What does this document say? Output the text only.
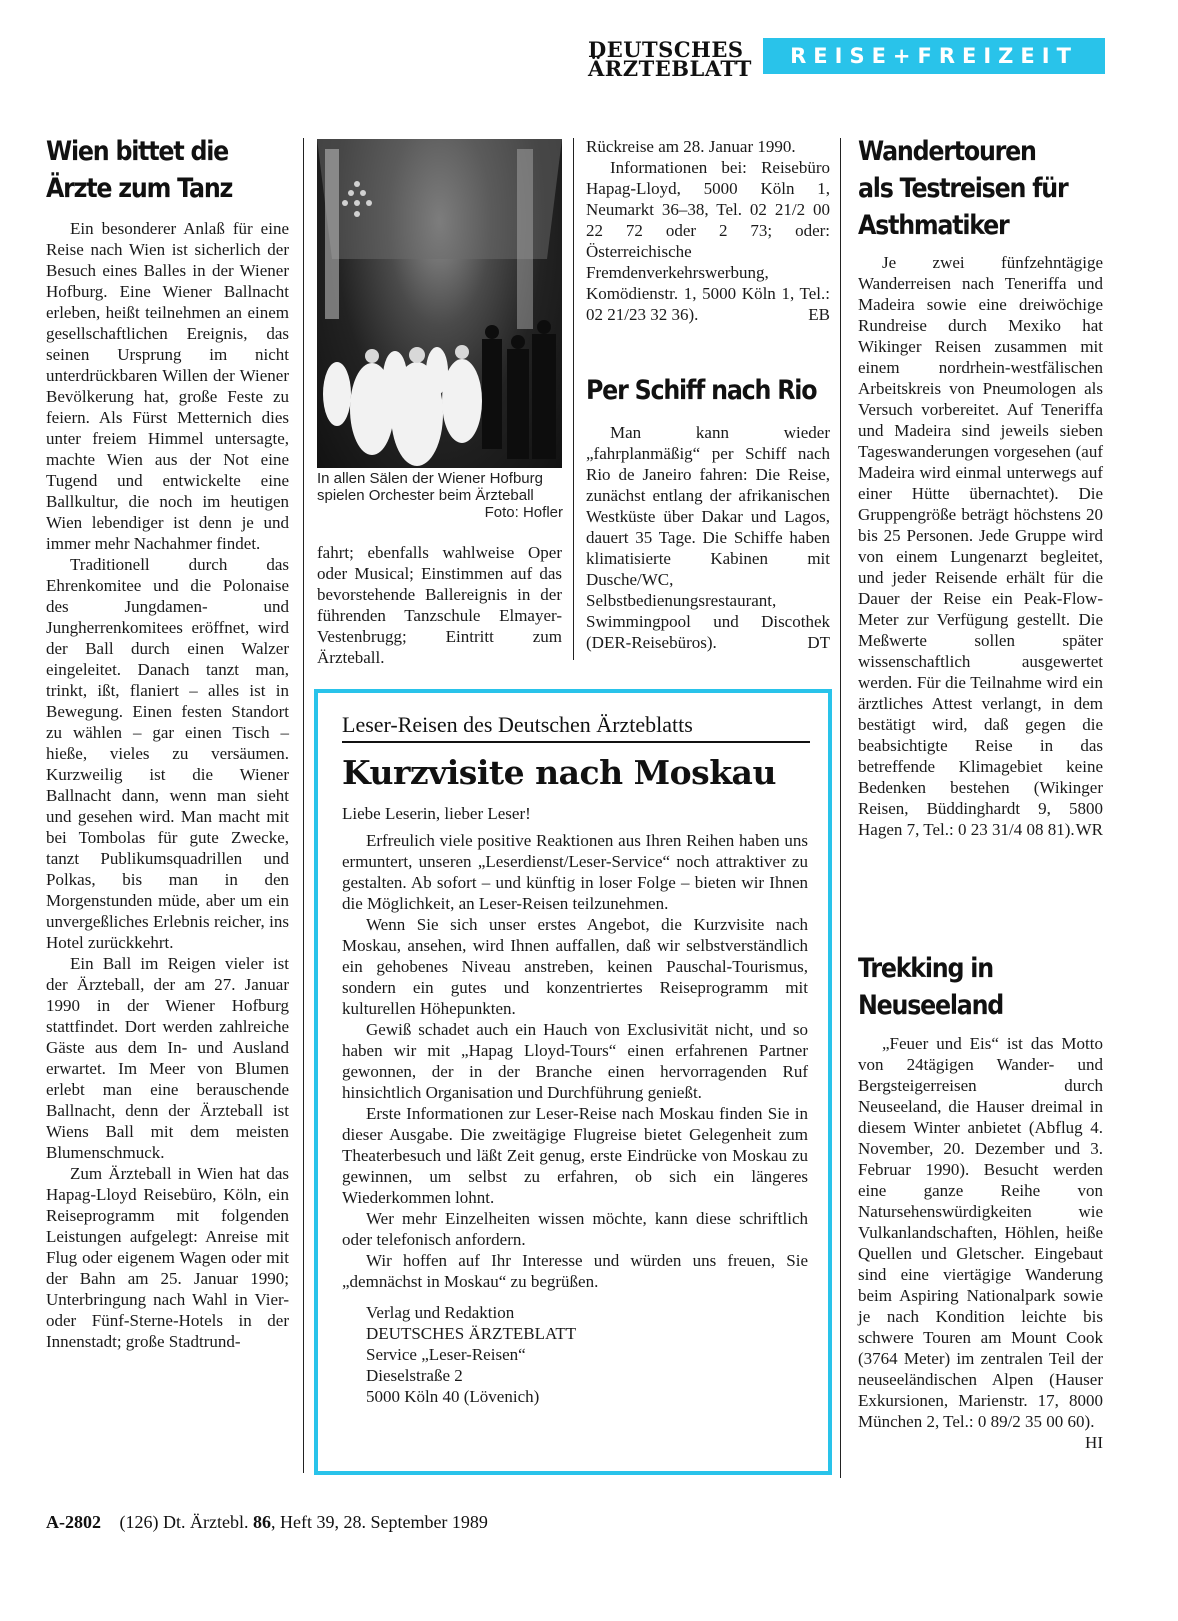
DEUTSCHES
ÄRZTEBLATT	REISE+FREIZEIT
Wien bittet die
Ärzte zum Tanz

Ein besonderer Anlaß für eine Reise nach Wien ist sicherlich der Besuch eines Balles in der Wiener Hofburg. Eine Wiener Ballnacht erleben, heißt teilnehmen an einem gesellschaftlichen Ereignis, das seinen Ursprung im nicht unterdrückbaren Willen der Wiener Bevölkerung hat, große Feste zu feiern. Als Fürst Metternich dies unter freiem Himmel untersagte, machte Wien aus der Not eine Tugend und entwickelte eine Ballkultur, die noch im heutigen Wien lebendiger ist denn je und immer mehr Nachahmer findet.

Traditionell durch das Ehrenkomitee und die Polonaise des Jungdamen- und Jungherrenkomitees eröffnet, wird der Ball durch einen Walzer eingeleitet. Danach tanzt man, trinkt, ißt, flaniert – alles ist in Bewegung. Einen festen Standort zu wählen – gar einen Tisch – hieße, vieles zu versäumen. Kurzweilig ist die Wiener Ballnacht dann, wenn man sieht und gesehen wird. Man macht mit bei Tombolas für gute Zwecke, tanzt Publikumsquadrillen und Polkas, bis man in den Morgenstunden müde, aber um ein unvergeßliches Erlebnis reicher, ins Hotel zurückkehrt.

Ein Ball im Reigen vieler ist der Ärzteball, der am 27. Januar 1990 in der Wiener Hofburg stattfindet. Dort werden zahlreiche Gäste aus dem In- und Ausland erwartet. Im Meer von Blumen erlebt man eine berauschende Ballnacht, denn der Ärzteball ist Wiens Ball mit dem meisten Blumenschmuck.

Zum Ärzteball in Wien hat das Hapag-Lloyd Reisebüro, Köln, ein Reiseprogramm mit folgenden Leistungen aufgelegt: Anreise mit Flug oder eigenem Wagen oder mit der Bahn am 25. Januar 1990; Unterbringung nach Wahl in Vier- oder Fünf-Sterne-Hotels in der Innenstadt; große Stadtrund-

In allen Sälen der Wiener Hofburg spielen Orchester beim Ärzteball
Foto: Hofler

fahrt; ebenfalls wahlweise Oper oder Musical; Einstimmen auf das bevorstehende Ballereignis in der führenden Tanzschule Elmayer-Vestenbrugg; Eintritt zum Ärzteball.

Rückreise am 28. Januar 1990.

Informationen bei: Reisebüro Hapag-Lloyd, 5000 Köln 1, Neumarkt 36–38, Tel. 02 21/2 00 22 72 oder 2 73; oder: Österreichische Fremdenverkehrswerbung, Komödienstr. 1, 5000 Köln 1, Tel.: 02 21/23 32 36).	EB

Per Schiff nach Rio

Man kann wieder „fahrplanmäßig“ per Schiff nach Rio de Janeiro fahren: Die Reise, zunächst entlang der afrikanischen Westküste über Dakar und Lagos, dauert 35 Tage. Die Schiffe haben klimatisierte Kabinen mit Dusche/WC, Selbstbedienungsrestaurant, Swimmingpool und Discothek (DER-Reisebüros).	DT

Leser-Reisen des Deutschen Ärzteblatts
Kurzvisite nach Moskau

Liebe Leserin, lieber Leser!

Erfreulich viele positive Reaktionen aus Ihren Reihen haben uns ermuntert, unseren „Leserdienst/Leser-Service“ noch attraktiver zu gestalten. Ab sofort – und künftig in loser Folge – bieten wir Ihnen die Möglichkeit, an Leser-Reisen teilzunehmen.

Wenn Sie sich unser erstes Angebot, die Kurzvisite nach Moskau, ansehen, wird Ihnen auffallen, daß wir selbstverständlich ein gehobenes Niveau anstreben, keinen Pauschal-Tourismus, sondern ein gutes und konzentriertes Reiseprogramm mit kulturellen Höhepunkten.

Gewiß schadet auch ein Hauch von Exclusivität nicht, und so haben wir mit „Hapag Lloyd-Tours“ einen erfahrenen Partner gewonnen, der in der Branche einen hervorragenden Ruf hinsichtlich Organisation und Durchführung genießt.

Erste Informationen zur Leser-Reise nach Moskau finden Sie in dieser Ausgabe. Die zweitägige Flugreise bietet Gelegenheit zum Theaterbesuch und läßt Zeit genug, erste Eindrücke von Moskau zu gewinnen, um selbst zu erfahren, ob sich ein längeres Wiederkommen lohnt.

Wer mehr Einzelheiten wissen möchte, kann diese schriftlich oder telefonisch anfordern.

Wir hoffen auf Ihr Interesse und würden uns freuen, Sie „demnächst in Moskau“ zu begrüßen.

Verlag und Redaktion
DEUTSCHES ÄRZTEBLATT
Service „Leser-Reisen“
Dieselstraße 2
5000 Köln 40 (Lövenich)
Wandertouren
als Testreisen für
Asthmatiker

Je zwei fünfzehntägige Wanderreisen nach Teneriffa und Madeira sowie eine dreiwöchige Rundreise durch Mexiko hat Wikinger Reisen zusammen mit einem nordrhein-westfälischen Arbeitskreis von Pneumologen als Versuch vorbereitet. Auf Teneriffa und Madeira sind jeweils sieben Tageswanderungen vorgesehen (auf Madeira wird einmal unterwegs auf einer Hütte übernachtet). Die Gruppengröße beträgt höchstens 20 bis 25 Personen. Jede Gruppe wird von einem Lungenarzt begleitet, und jeder Reisende erhält für die Dauer der Reise ein Peak-Flow-Meter zur Verfügung gestellt. Die Meßwerte sollen später wissenschaftlich ausgewertet werden. Für die Teilnahme wird ein ärztliches Attest verlangt, in dem bestätigt wird, daß gegen die beabsichtigte Reise in das betreffende Klimagebiet keine Bedenken bestehen (Wikinger Reisen, Büddinghardt 9, 5800 Hagen 7, Tel.: 0 23 31/4 08 81). WR

Trekking in
Neuseeland

„Feuer und Eis“ ist das Motto von 24tägigen Wander- und Bergsteigerreisen durch Neuseeland, die Hauser dreimal in diesem Winter anbietet (Abflug 4. November, 20. Dezember und 3. Februar 1990). Besucht werden eine ganze Reihe von Natursehenswürdigkeiten wie Vulkanlandschaften, Höhlen, heiße Quellen und Gletscher. Eingebaut sind eine viertägige Wanderung beim Aspiring Nationalpark sowie je nach Kondition leichte bis schwere Touren am Mount Cook (3764 Meter) im zentralen Teil der neuseeländischen Alpen (Hauser Exkursionen, Marienstr. 17, 8000 München 2, Tel.: 0 89/2 35 00 60).
HI

A-2802 (126) Dt. Ärztebl. 86, Heft 39, 28. September 1989
